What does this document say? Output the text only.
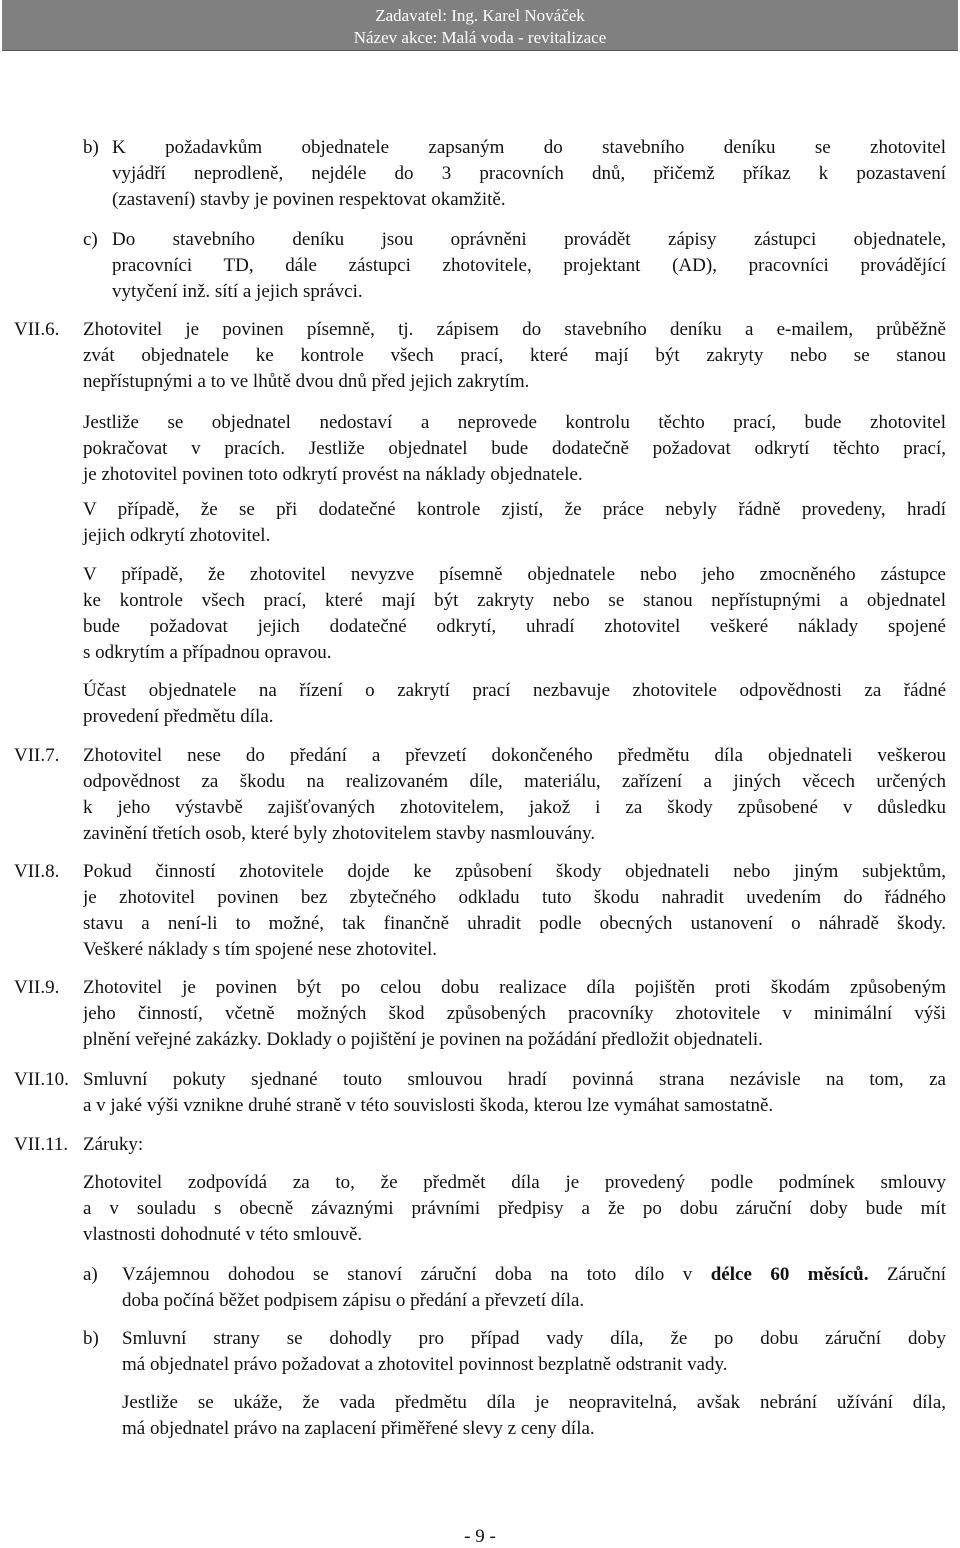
Zadavatel: Ing. Karel Nováček
Název akce: Malá voda - revitalizace
b) K požadavkům objednatele zapsaným do stavebního deníku se zhotovitel
vyjádří neprodleně, nejdéle do 3 pracovních dnů, přičemž příkaz k pozastavení
(zastavení) stavby je povinen respektovat okamžitě.
c) Do stavebního deníku jsou oprávněni provádět zápisy zástupci objednatele,
pracovníci TD, dále zástupci zhotovitele, projektant (AD), pracovníci provádějící
vytyčení inž. sítí a jejich správci.
VII.6. Zhotovitel je povinen písemně, tj. zápisem do stavebního deníku a e-mailem, průběžně
zvát objednatele ke kontrole všech prací, které mají být zakryty nebo se stanou
nepřístupnými a to ve lhůtě dvou dnů před jejich zakrytím.
Jestliže se objednatel nedostaví a neprovede kontrolu těchto prací, bude zhotovitel
pokračovat v pracích. Jestliže objednatel bude dodatečně požadovat odkrytí těchto prací,
je zhotovitel povinen toto odkrytí provést na náklady objednatele.
V případě, že se při dodatečné kontrole zjistí, že práce nebyly řádně provedeny, hradí
jejich odkrytí zhotovitel.
V případě, že zhotovitel nevyzve písemně objednatele nebo jeho zmocněného zástupce
ke kontrole všech prací, které mají být zakryty nebo se stanou nepřístupnými a objednatel
bude požadovat jejich dodatečné odkrytí, uhradí zhotovitel veškeré náklady spojené
s odkrytím a případnou opravou.
Účast objednatele na řízení o zakrytí prací nezbavuje zhotovitele odpovědnosti za řádné
provedení předmětu díla.
VII.7. Zhotovitel nese do předání a převzetí dokončeného předmětu díla objednateli veškerou
odpovědnost za škodu na realizovaném díle, materiálu, zařízení a jiných věcech určených
k jeho výstavbě zajišťovaných zhotovitelem, jakož i za škody způsobené v důsledku
zavinění třetích osob, které byly zhotovitelem stavby nasmlouvány.
VII.8. Pokud činností zhotovitele dojde ke způsobení škody objednateli nebo jiným subjektům,
je zhotovitel povinen bez zbytečného odkladu tuto škodu nahradit uvedením do řádného
stavu a není-li to možné, tak finančně uhradit podle obecných ustanovení o náhradě škody.
Veškeré náklady s tím spojené nese zhotovitel.
VII.9. Zhotovitel je povinen být po celou dobu realizace díla pojištěn proti škodám způsobeným
jeho činností, včetně možných škod způsobených pracovníky zhotovitele v minimální výši
plnění veřejné zakázky. Doklady o pojištění je povinen na požádání předložit objednateli.
VII.10. Smluvní pokuty sjednané touto smlouvou hradí povinná strana nezávisle na tom, za
a v jaké výši vznikne druhé straně v této souvislosti škoda, kterou lze vymáhat samostatně.
VII.11. Záruky:
Zhotovitel zodpovídá za to, že předmět díla je provedený podle podmínek smlouvy
a v souladu s obecně závaznými právními předpisy a že po dobu záruční doby bude mít
vlastnosti dohodnuté v této smlouvě.
a) Vzájemnou dohodou se stanoví záruční doba na toto dílo v délce 60 měsíců. Záruční
doba počíná běžet podpisem zápisu o předání a převzetí díla.
b) Smluvní strany se dohodly pro případ vady díla, že po dobu záruční doby
má objednatel právo požadovat a zhotovitel povinnost bezplatně odstranit vady.
Jestliže se ukáže, že vada předmětu díla je neopravitelná, avšak nebrání užívání díla,
má objednatel právo na zaplacení přiměřené slevy z ceny díla.
- 9 -
